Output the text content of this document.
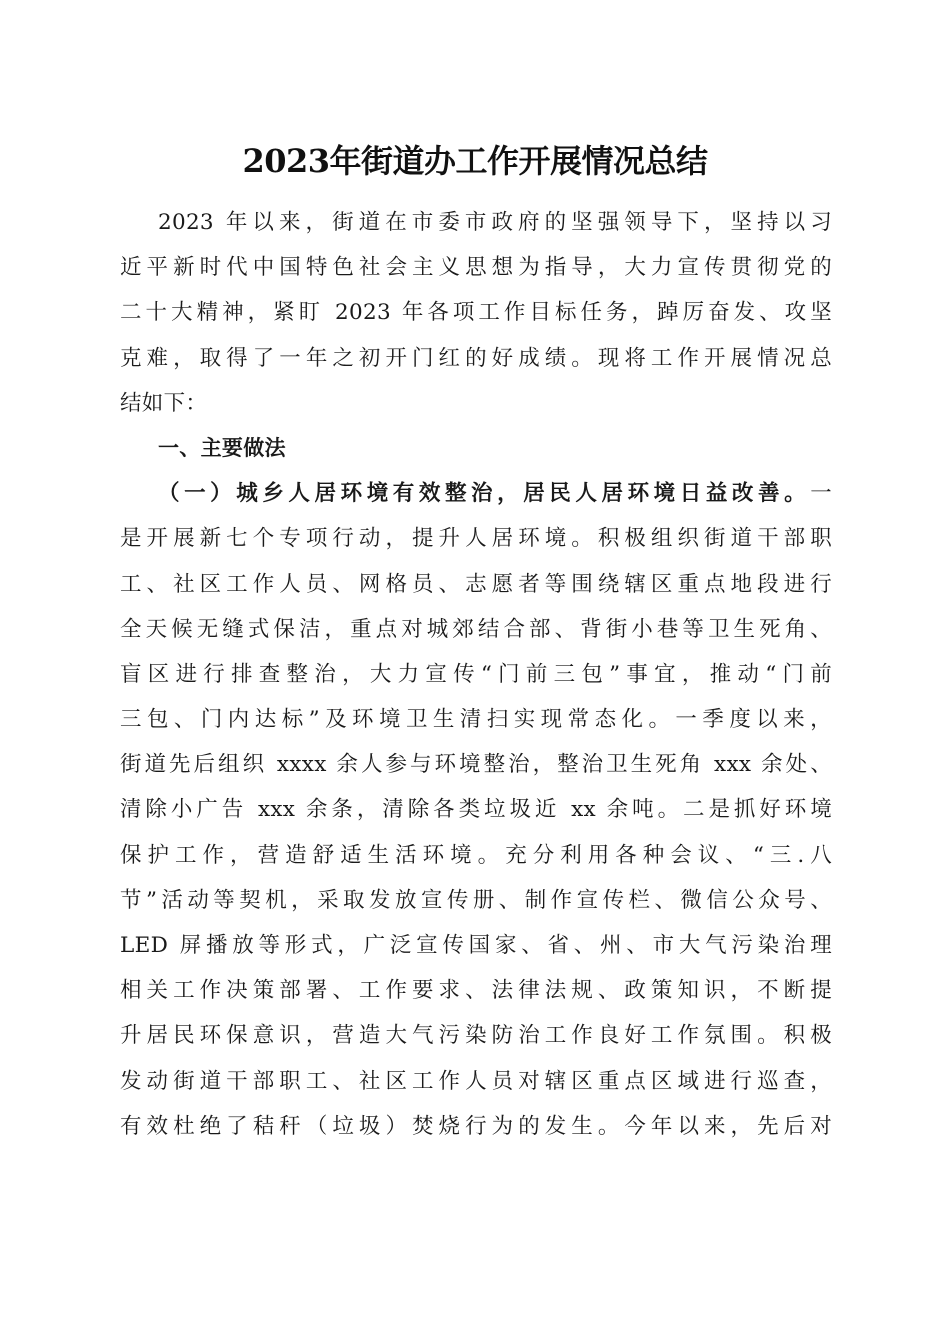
2023年街道办工作开展情况总结
2023 年以来，街道在市委市政府的坚强领导下，坚持以习
近平新时代中国特色社会主义思想为指导，大力宣传贯彻党的
二十大精神，紧盯 2023 年各项工作目标任务，踔厉奋发、攻坚
克难，取得了一年之初开门红的好成绩。现将工作开展情况总
结如下：
一、主要做法
（一）城乡人居环境有效整治，居民人居环境日益改善。一
是开展新七个专项行动，提升人居环境。积极组织街道干部职
工、社区工作人员、网格员、志愿者等围绕辖区重点地段进行
全天候无缝式保洁，重点对城郊结合部、背街小巷等卫生死角、
盲区进行排查整治，大力宣传“门前三包”事宜，推动“门前
三包、门内达标”及环境卫生清扫实现常态化。一季度以来，
街道先后组织 xxxx 余人参与环境整治，整治卫生死角 xxx 余处、
清除小广告 xxx 余条，清除各类垃圾近 xx 余吨。二是抓好环境
保护工作，营造舒适生活环境。充分利用各种会议、“三.八
节”活动等契机，采取发放宣传册、制作宣传栏、微信公众号、
LED 屏播放等形式，广泛宣传国家、省、州、市大气污染治理
相关工作决策部署、工作要求、法律法规、政策知识，不断提
升居民环保意识，营造大气污染防治工作良好工作氛围。积极
发动街道干部职工、社区工作人员对辖区重点区域进行巡查，
有效杜绝了秸秆（垃圾）焚烧行为的发生。今年以来，先后对
